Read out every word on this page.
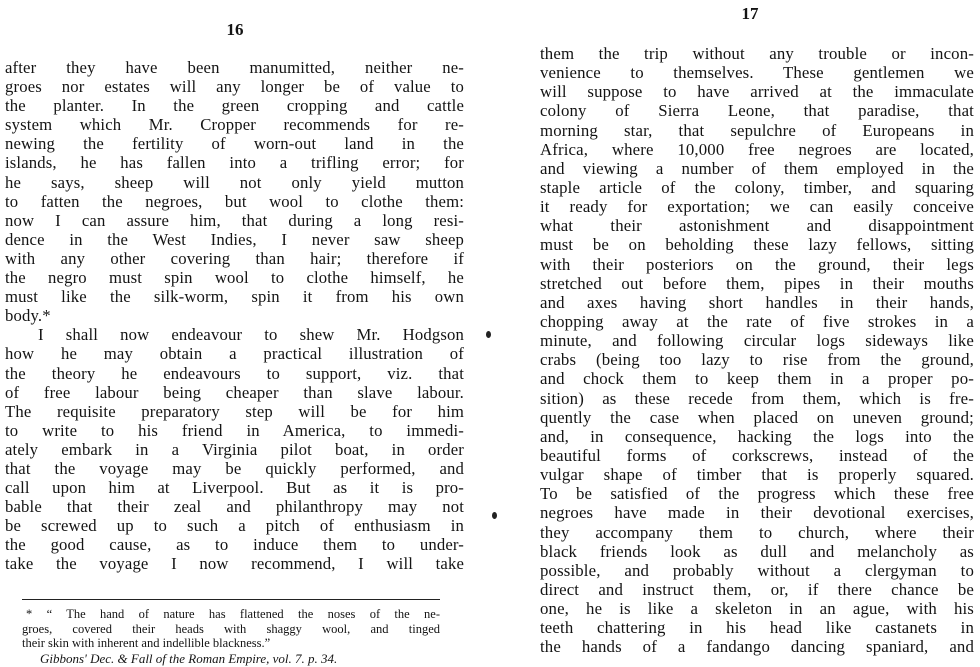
16
after they have been manumitted, neither ne-
groes nor estates will any longer be of value to
the planter. In the green cropping and cattle
system which Mr. Cropper recommends for re-
newing the fertility of worn-out land in the
islands, he has fallen into a trifling error; for
he says, sheep will not only yield mutton
to fatten the negroes, but wool to clothe them:
now I can assure him, that during a long resi-
dence in the West Indies, I never saw sheep
with any other covering than hair; therefore if
the negro must spin wool to clothe himself, he
must like the silk-worm, spin it from his own
body.*
I shall now endeavour to shew Mr. Hodgson
how he may obtain a practical illustration of
the theory he endeavours to support, viz. that
of free labour being cheaper than slave labour.
The requisite preparatory step will be for him
to write to his friend in America, to immedi-
ately embark in a Virginia pilot boat, in order
that the voyage may be quickly performed, and
call upon him at Liverpool. But as it is pro-
bable that their zeal and philanthropy may not
be screwed up to such a pitch of enthusiasm in
the good cause, as to induce them to under-
take the voyage I now recommend, I will take
* “ The hand of nature has flattened the noses of the ne-
groes, covered their heads with shaggy wool, and tinged
their skin with inherent and indellible blackness.”
Gibbons' Dec. & Fall of the Roman Empire, vol. 7. p. 34.
17
them the trip without any trouble or incon-
venience to themselves. These gentlemen we
will suppose to have arrived at the immaculate
colony of Sierra Leone, that paradise, that
morning star, that sepulchre of Europeans in
Africa, where 10,000 free negroes are located,
and viewing a number of them employed in the
staple article of the colony, timber, and squaring
it ready for exportation; we can easily conceive
what their astonishment and disappointment
must be on beholding these lazy fellows, sitting
with their posteriors on the ground, their legs
stretched out before them, pipes in their mouths
and axes having short handles in their hands,
chopping away at the rate of five strokes in a
minute, and following circular logs sideways like
crabs (being too lazy to rise from the ground,
and chock them to keep them in a proper po-
sition) as these recede from them, which is fre-
quently the case when placed on uneven ground;
and, in consequence, hacking the logs into the
beautiful forms of corkscrews, instead of the
vulgar shape of timber that is properly squared.
To be satisfied of the progress which these free
negroes have made in their devotional exercises,
they accompany them to church, where their
black friends look as dull and melancholy as
possible, and probably without a clergyman to
direct and instruct them, or, if there chance be
one, he is like a skeleton in an ague, with his
teeth chattering in his head like castanets in
the hands of a fandango dancing spaniard, and
